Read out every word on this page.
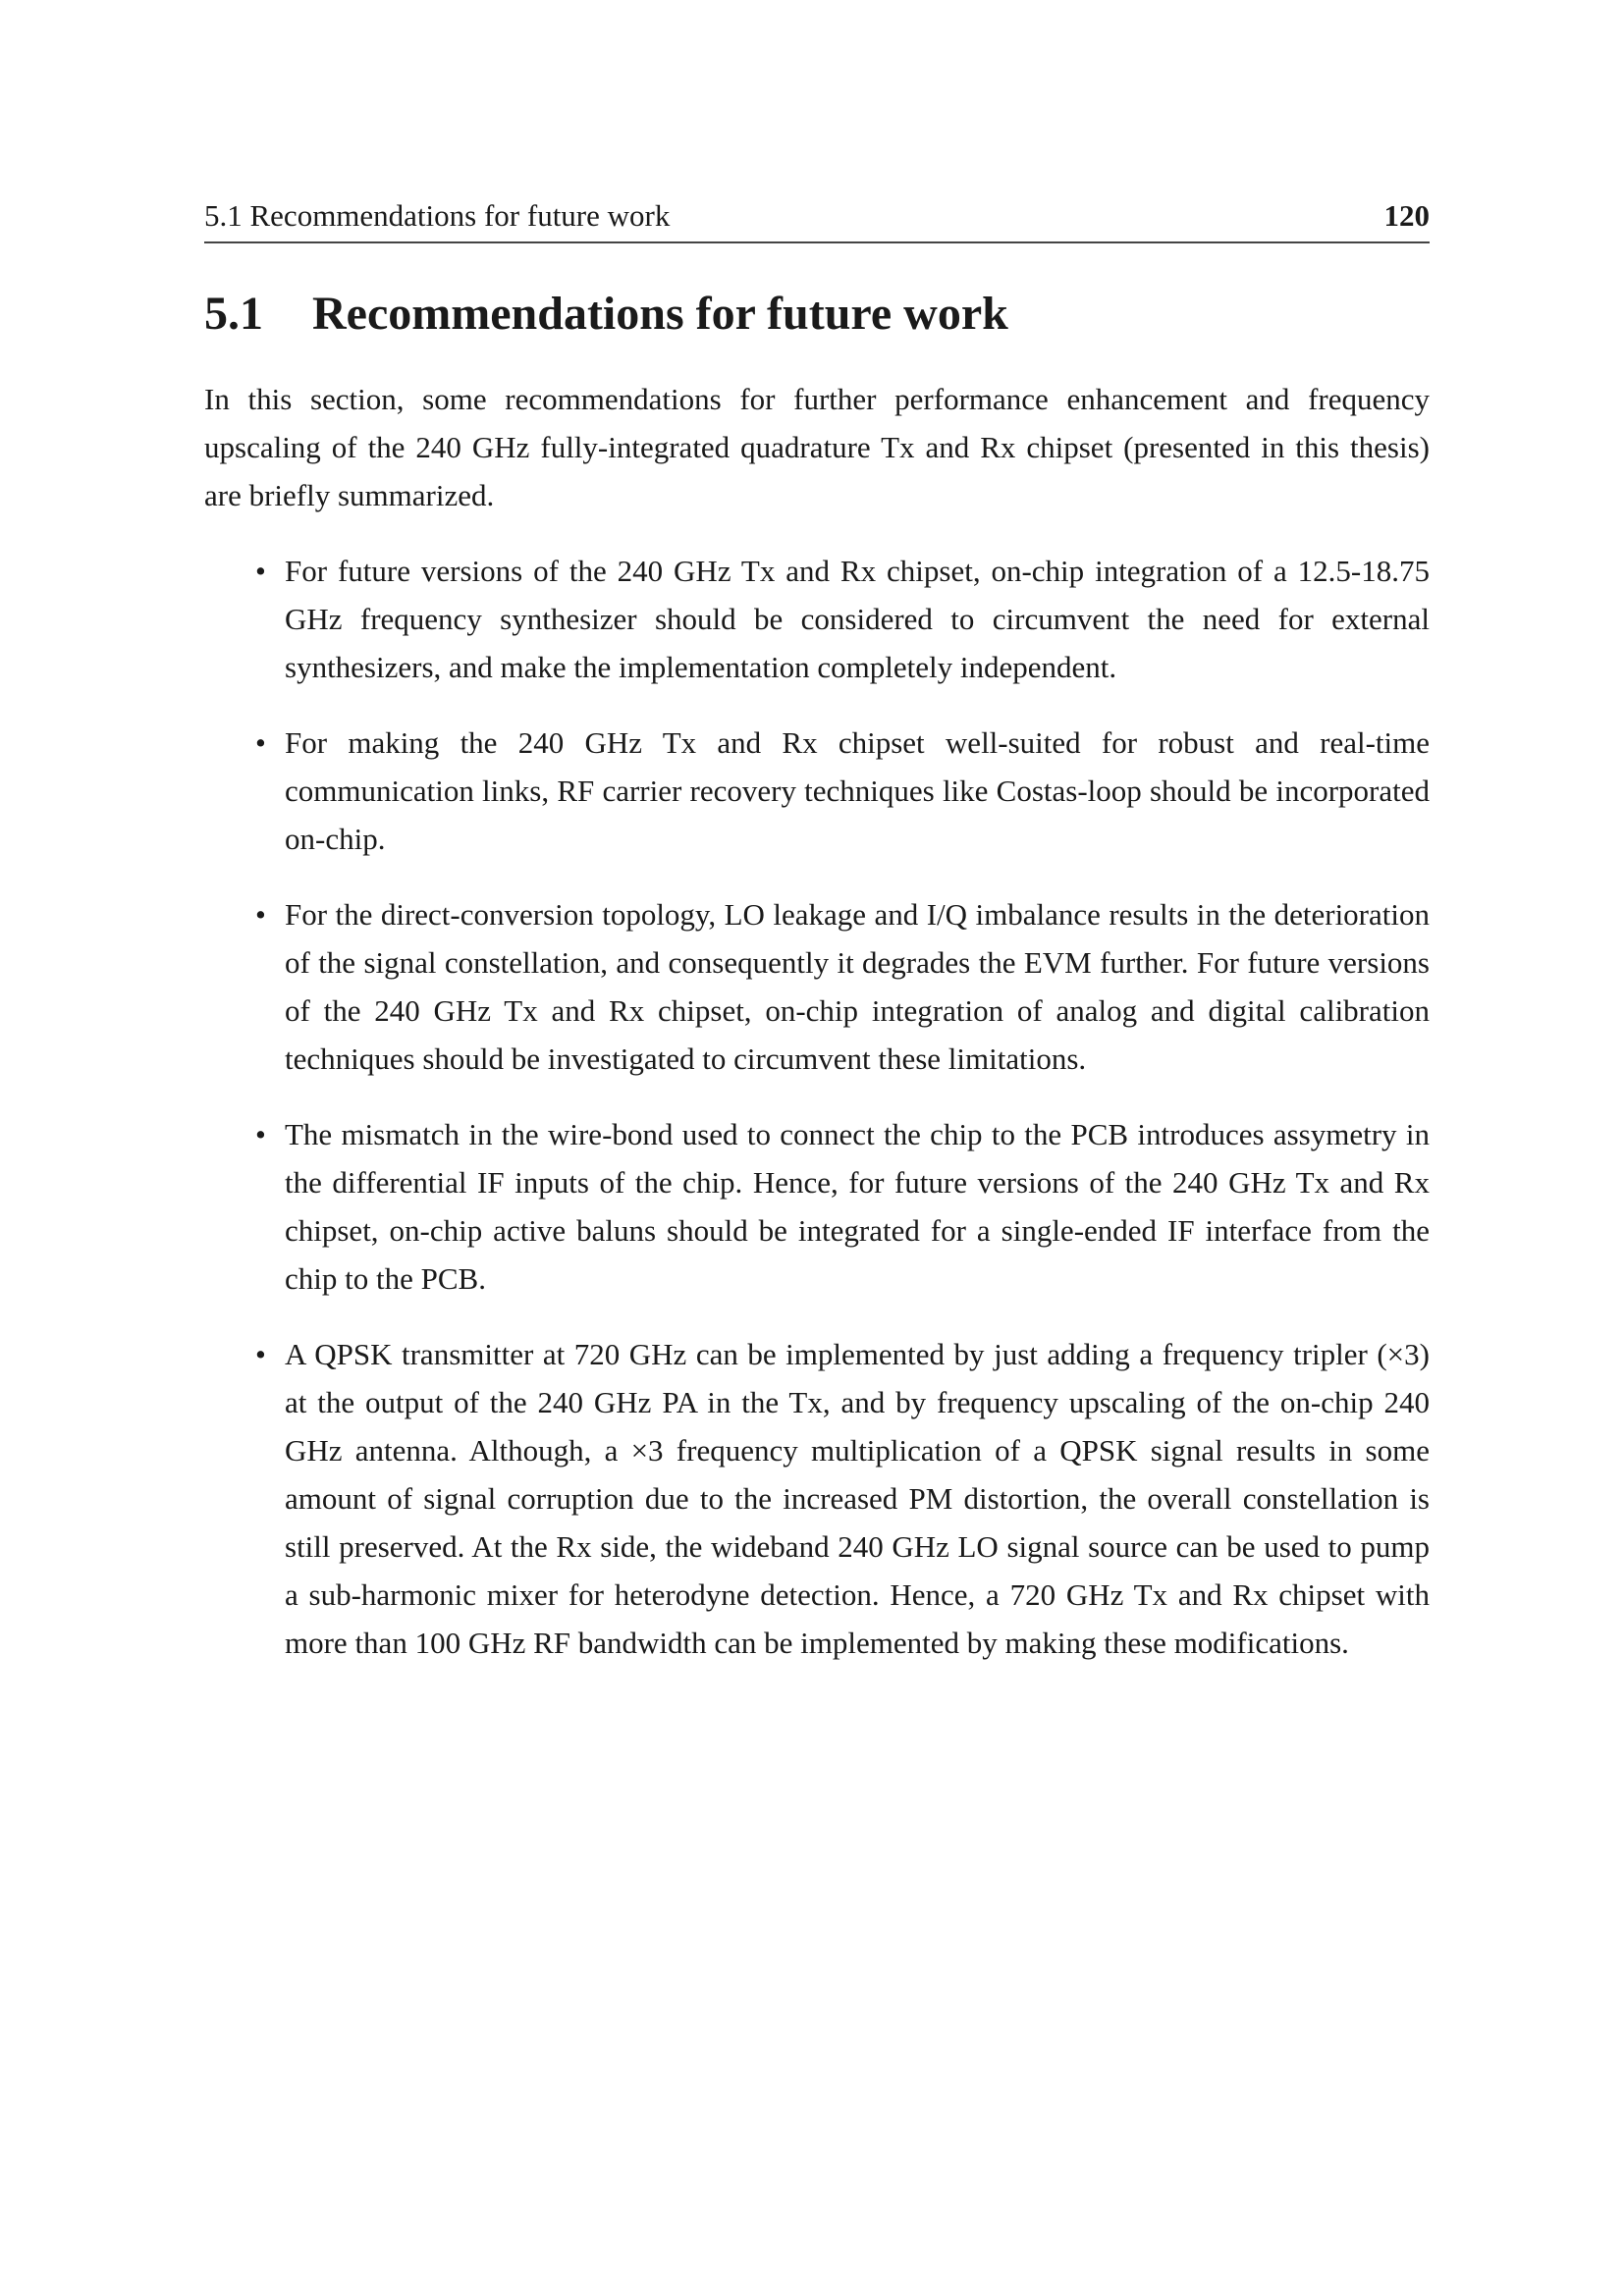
5.1 Recommendations for future work	120
5.1	Recommendations for future work

In this section, some recommendations for further performance enhancement and frequency upscaling of the 240 GHz fully-integrated quadrature Tx and Rx chipset (presented in this thesis) are briefly summarized.

• For future versions of the 240 GHz Tx and Rx chipset, on-chip integration of a 12.5-18.75 GHz frequency synthesizer should be considered to circumvent the need for external synthesizers, and make the implementation completely independent.

• For making the 240 GHz Tx and Rx chipset well-suited for robust and real-time communication links, RF carrier recovery techniques like Costas-loop should be incorporated on-chip.

• For the direct-conversion topology, LO leakage and I/Q imbalance results in the deterioration of the signal constellation, and consequently it degrades the EVM further. For future versions of the 240 GHz Tx and Rx chipset, on-chip integration of analog and digital calibration techniques should be investigated to circumvent these limitations.

• The mismatch in the wire-bond used to connect the chip to the PCB introduces assymetry in the differential IF inputs of the chip. Hence, for future versions of the 240 GHz Tx and Rx chipset, on-chip active baluns should be integrated for a single-ended IF interface from the chip to the PCB.

• A QPSK transmitter at 720 GHz can be implemented by just adding a frequency tripler (×3) at the output of the 240 GHz PA in the Tx, and by frequency upscaling of the on-chip 240 GHz antenna. Although, a ×3 frequency multiplication of a QPSK signal results in some amount of signal corruption due to the increased PM distortion, the overall constellation is still preserved. At the Rx side, the wideband 240 GHz LO signal source can be used to pump a sub-harmonic mixer for heterodyne detection. Hence, a 720 GHz Tx and Rx chipset with more than 100 GHz RF bandwidth can be implemented by making these modifications.
